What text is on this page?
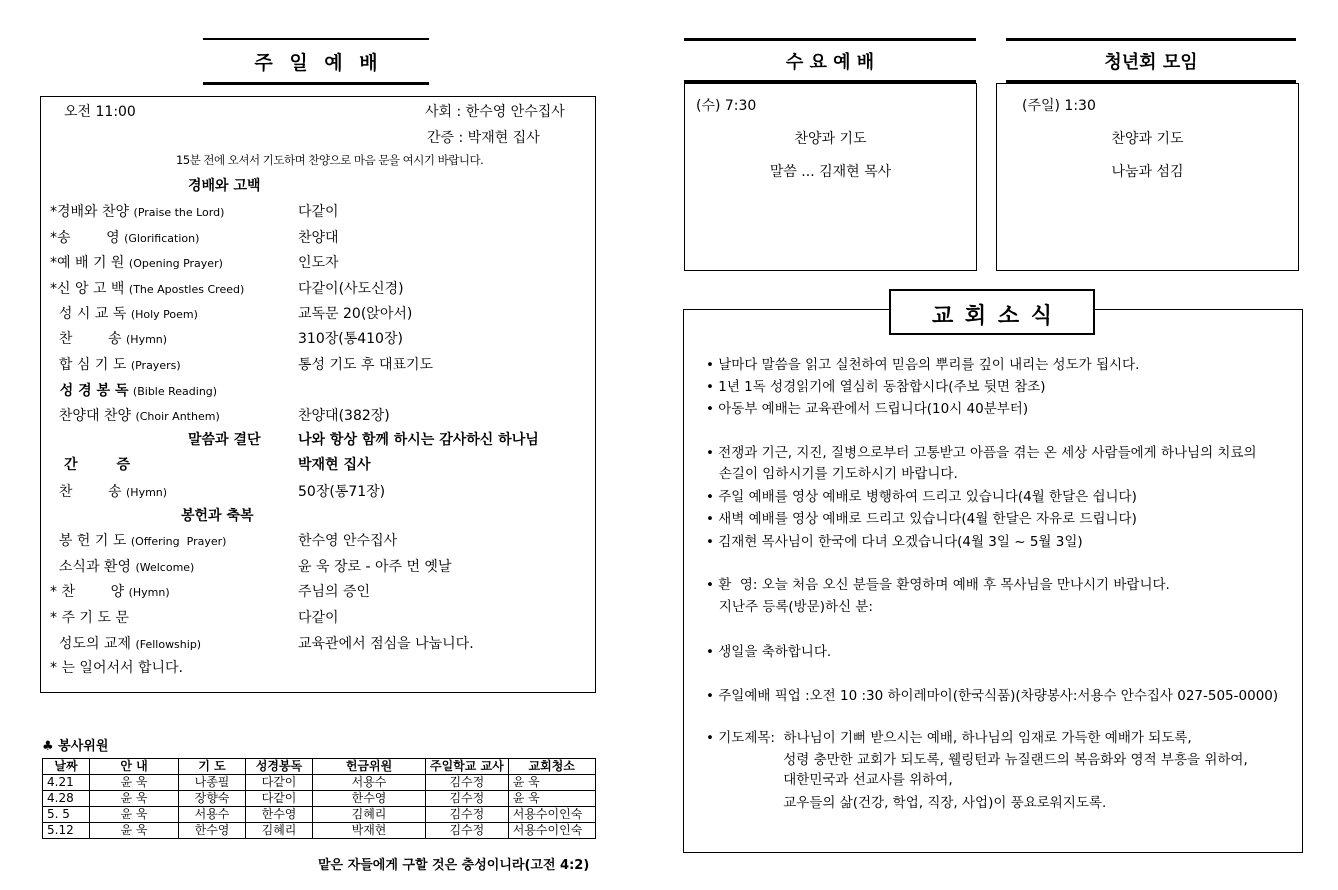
주 일 예 배
오전 11:00	사회 : 한수영 안수집사
간증 : 박재현 집사
15분 전에 오셔서 기도하며 찬양으로 마음 문을 여시기 바랍니다.
경배와 고백
*경배와 찬양 (Praise the Lord)	다같이
*송        영 (Glorification)	찬양대
*예 배 기 원 (Opening Prayer)	인도자
*신 앙 고 백 (The Apostles Creed)	다같이(사도신경)
성 시 교 독 (Holy Poem)	교독문 20(앉아서)
찬        송 (Hymn)	310장(통410장)
합 심 기 도 (Prayers)	통성 기도 후 대표기도
성 경 봉 독 (Bible Reading)
찬양대 찬양 (Choir Anthem)	찬양대(382장)
말씀과 결단	나와 항상 함께 하시는 감사하신 하나님
간        증	박재현 집사
찬        송 (Hymn)	50장(통71장)
봉헌과 축복
봉 헌 기 도 (Offering  Prayer)	한수영 안수집사
소식과 환영 (Welcome)	윤 욱 장로 - 아주 먼 옛날
* 찬        양 (Hymn)	주님의 증인
* 주 기 도 문	다같이
성도의 교제 (Fellowship)	교육관에서 점심을 나눕니다.
* 는 일어서서 합니다.
♣ 봉사위원
날짜	안 내	기 도	성경봉독	헌금위원	주일학교 교사	교회청소
4.21	윤 욱	나종필	다같이	서용수	김수정	윤 욱
4.28	윤 욱	장향숙	다같이	한수영	김수정	윤 욱
5. 5	윤 욱	서용수	한수영	김혜리	김수정	서용수이인숙
5.12	윤 욱	한수영	김혜리	박재현	김수정	서용수이인숙
맡은 자들에게 구할 것은 충성이니라(고전 4:2)
수 요 예 배
(수) 7:30
찬양과 기도
말씀 ... 김재현 목사
청년회 모임
(주일) 1:30
찬양과 기도
나눔과 섬김
교 회 소 식
• 날마다 말씀을 읽고 실천하여 믿음의 뿌리를 깊이 내리는 성도가 됩시다.
• 1년 1독 성경읽기에 열심히 동참합시다(주보 뒷면 참조)
• 아동부 예배는 교육관에서 드립니다(10시 40분부터)
• 전쟁과 기근, 지진, 질병으로부터 고통받고 아픔을 겪는 온 세상 사람들에게 하나님의 치료의
손길이 임하시기를 기도하시기 바랍니다.
• 주일 예배를 영상 예배로 병행하여 드리고 있습니다(4월 한달은 쉽니다)
• 새벽 예배를 영상 예배로 드리고 있습니다(4월 한달은 자유로 드립니다)
• 김재현 목사님이 한국에 다녀 오겠습니다(4월 3일 ~ 5월 3일)
• 환  영: 오늘 처음 오신 분들을 환영하며 예배 후 목사님을 만나시기 바랍니다.
지난주 등록(방문)하신 분:
• 생일을 축하합니다.
• 주일예배 픽업 :오전 10 :30 하이레마이(한국식품)(차량봉사:서용수 안수집사 027-505-0000)
• 기도제목:  하나님이 기뻐 받으시는 예배, 하나님의 임재로 가득한 예배가 되도록,
성령 충만한 교회가 되도록, 웰링턴과 뉴질랜드의 복음화와 영적 부흥을 위하여,
대한민국과 선교사를 위하여,
교우들의 삶(건강, 학업, 직장, 사업)이 풍요로워지도록.
